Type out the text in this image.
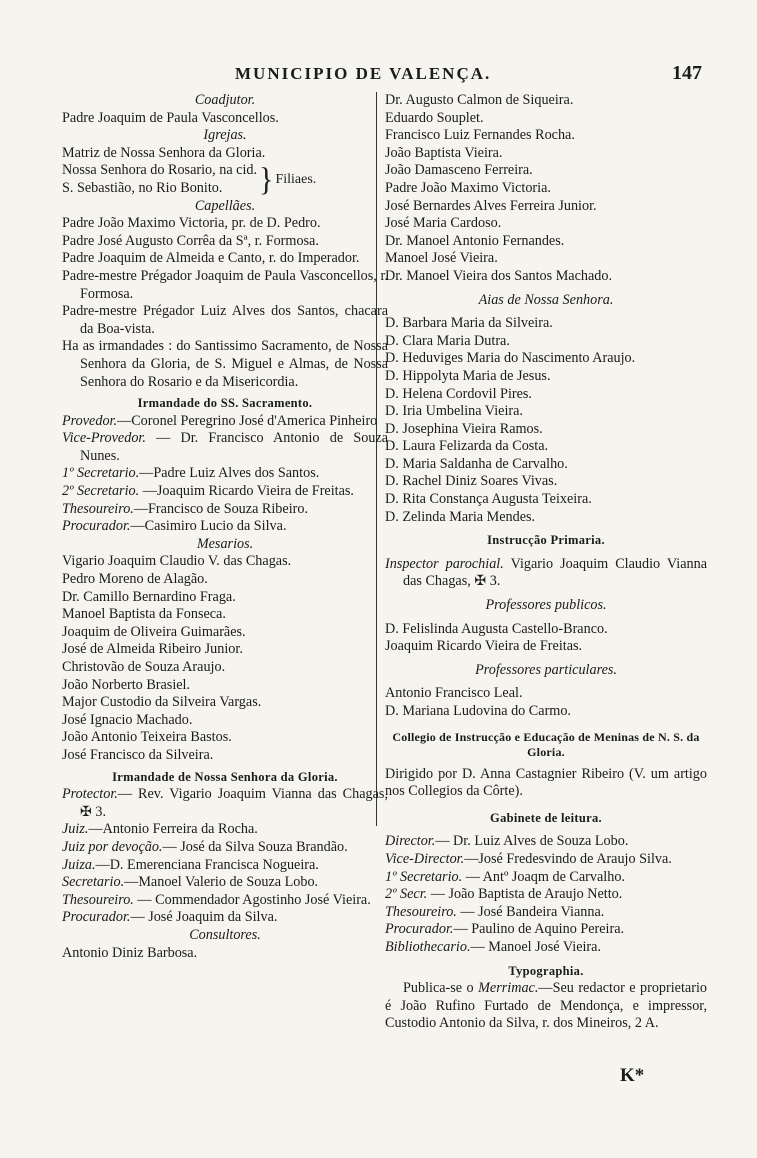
MUNICIPIO DE VALENÇA.	147
Coadjutor.
Padre Joaquim de Paula Vasconcellos.
Igrejas.
Matriz de Nossa Senhora da Gloria.
Nossa Senhora do Rosario, na cid.
S. Sebastião, no Rio Bonito.	} Filiaes.
Capellães.
Padre João Maximo Victoria, pr. de D. Pedro.
Padre José Augusto Corrêa da Sª, r. Formosa.
Padre Joaquim de Almeida e Canto, r. do Imperador.
Padre-mestre Prégador Joaquim de Paula Vasconcellos, r. Formosa.
Padre-mestre Prégador Luiz Alves dos Santos, chacara da Boa-vista.
Ha as irmandades : do Santissimo Sacramento, de Nossa Senhora da Gloria, de S. Miguel e Almas, de Nossa Senhora do Rosario e da Misericordia.
Irmandade do SS. Sacramento.
Provedor.—Coronel Peregrino José d'America Pinheiro
Vice-Provedor. — Dr. Francisco Antonio de Souza Nunes.
1º Secretario.—Padre Luiz Alves dos Santos.
2º Secretario. —Joaquim Ricardo Vieira de Freitas.
Thesoureiro.—Francisco de Souza Ribeiro.
Procurador.—Casimiro Lucio da Silva.
Mesarios.
Vigario Joaquim Claudio V. das Chagas.
Pedro Moreno de Alagão.
Dr. Camillo Bernardino Fraga.
Manoel Baptista da Fonseca.
Joaquim de Oliveira Guimarães.
José de Almeida Ribeiro Junior.
Christovão de Souza Araujo.
João Norberto Brasiel.
Major Custodio da Silveira Vargas.
José Ignacio Machado.
João Antonio Teixeira Bastos.
José Francisco da Silveira.
Irmandade de Nossa Senhora da Gloria.
Protector.— Rev. Vigario Joaquim Vianna das Chagas, ✠ 3.
Juiz.—Antonio Ferreira da Rocha.
Juiz por devoção.— José da Silva Souza Brandão.
Juiza.—D. Emerenciana Francisca Nogueira.
Secretario.—Manoel Valerio de Souza Lobo.
Thesoureiro. — Commendador Agostinho José Vieira.
Procurador.— José Joaquim da Silva.
Consultores.
Antonio Diniz Barbosa.
Dr. Augusto Calmon de Siqueira.
Eduardo Souplet.
Francisco Luiz Fernandes Rocha.
João Baptista Vieira.
João Damasceno Ferreira.
Padre João Maximo Victoria.
José Bernardes Alves Ferreira Junior.
José Maria Cardoso.
Dr. Manoel Antonio Fernandes.
Manoel José Vieira.
Dr. Manoel Vieira dos Santos Machado.
Aias de Nossa Senhora.
D. Barbara Maria da Silveira.
D. Clara Maria Dutra.
D. Heduviges Maria do Nascimento Araujo.
D. Hippolyta Maria de Jesus.
D. Helena Cordovil Pires.
D. Iria Umbelina Vieira.
D. Josephina Vieira Ramos.
D. Laura Felizarda da Costa.
D. Maria Saldanha de Carvalho.
D. Rachel Diniz Soares Vivas.
D. Rita Constança Augusta Teixeira.
D. Zelinda Maria Mendes.
Instrucção Primaria.
Inspector parochial. Vigario Joaquim Claudio Vianna das Chagas, ✠ 3.
Professores publicos.
D. Felislinda Augusta Castello-Branco.
Joaquim Ricardo Vieira de Freitas.
Professores particulares.
Antonio Francisco Leal.
D. Mariana Ludovina do Carmo.
Collegio de Instrucção e Educação de Meninas de N. S. da Gloria.
Dirigido por D. Anna Castagnier Ribeiro (V. um artigo nos Collegios da Côrte).
Gabinete de leitura.
Director.— Dr. Luiz Alves de Souza Lobo.
Vice-Director.—José Fredesvindo de Araujo Silva.
1º Secretario. — Antº Joaqm de Carvalho.
2º Secr. — João Baptista de Araujo Netto.
Thesoureiro. — José Bandeira Vianna.
Procurador.— Paulino de Aquino Pereira.
Bibliothecario.— Manoel José Vieira.
Typographia.
Publica-se o Merrimac.—Seu redactor e proprietario é João Rufino Furtado de Mendonça, e impressor, Custodio Antonio da Silva, r. dos Mineiros, 2 A.
K*
